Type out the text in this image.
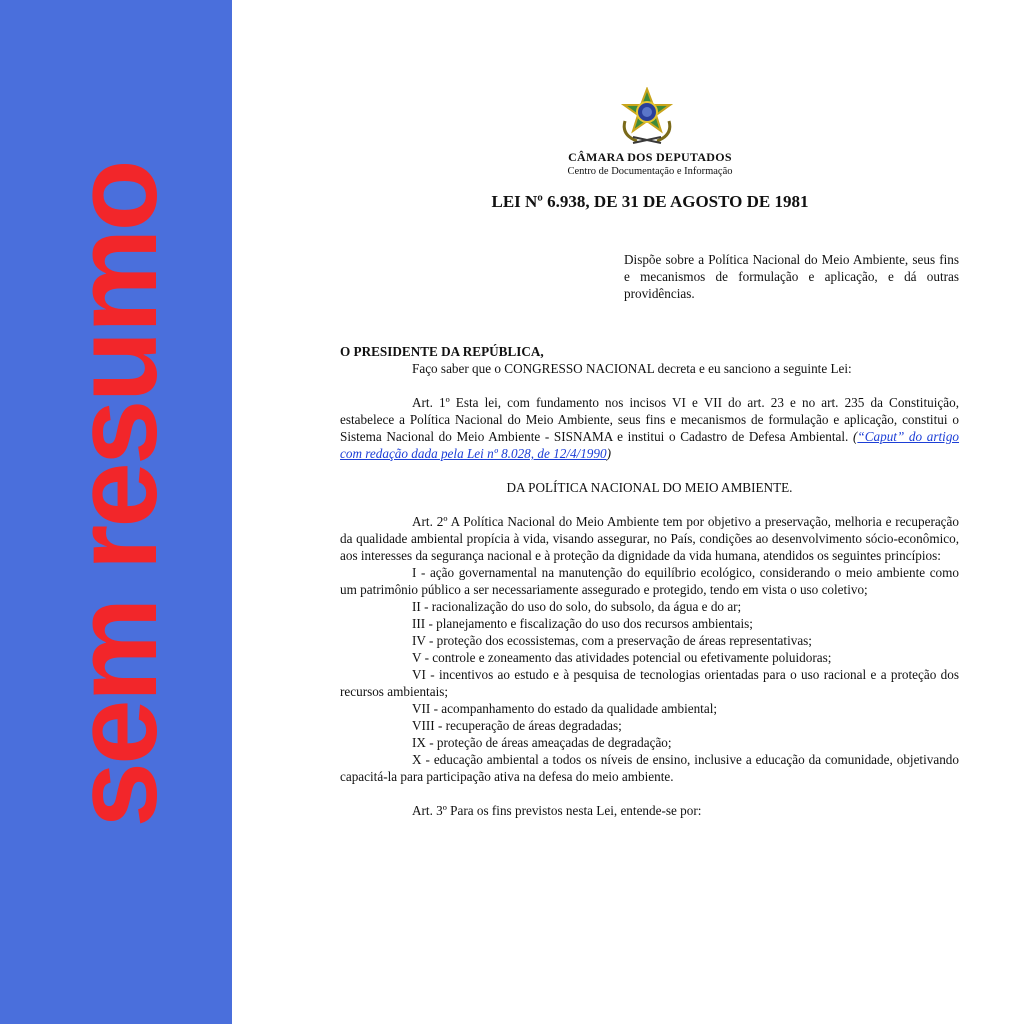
sem resumo
CÂMARA DOS DEPUTADOS
Centro de Documentação e Informação
LEI Nº 6.938, DE 31 DE AGOSTO DE 1981
Dispõe sobre a Política Nacional do Meio Ambiente, seus fins e mecanismos de formulação e aplicação, e dá outras providências.

O PRESIDENTE DA REPÚBLICA,

Faço saber que o CONGRESSO NACIONAL decreta e eu sanciono a seguinte Lei:

Art. 1º Esta lei, com fundamento nos incisos VI e VII do art. 23 e no art. 235 da Constituição, estabelece a Política Nacional do Meio Ambiente, seus fins e mecanismos de formulação e aplicação, constitui o Sistema Nacional do Meio Ambiente - SISNAMA e institui o Cadastro de Defesa Ambiental. (“Caput” do artigo com redação dada pela Lei nº 8.028, de 12/4/1990)

DA POLÍTICA NACIONAL DO MEIO AMBIENTE.

Art. 2º A Política Nacional do Meio Ambiente tem por objetivo a preservação, melhoria e recuperação da qualidade ambiental propícia à vida, visando assegurar, no País, condições ao desenvolvimento sócio-econômico, aos interesses da segurança nacional e à proteção da dignidade da vida humana, atendidos os seguintes princípios:

I - ação governamental na manutenção do equilíbrio ecológico, considerando o meio ambiente como um patrimônio público a ser necessariamente assegurado e protegido, tendo em vista o uso coletivo;

II - racionalização do uso do solo, do subsolo, da água e do ar;

III - planejamento e fiscalização do uso dos recursos ambientais;

IV - proteção dos ecossistemas, com a preservação de áreas representativas;

V - controle e zoneamento das atividades potencial ou efetivamente poluidoras;

VI - incentivos ao estudo e à pesquisa de tecnologias orientadas para o uso racional e a proteção dos recursos ambientais;

VII - acompanhamento do estado da qualidade ambiental;

VIII - recuperação de áreas degradadas;

IX - proteção de áreas ameaçadas de degradação;

X - educação ambiental a todos os níveis de ensino, inclusive a educação da comunidade, objetivando capacitá-la para participação ativa na defesa do meio ambiente.

Art. 3º Para os fins previstos nesta Lei, entende-se por:
